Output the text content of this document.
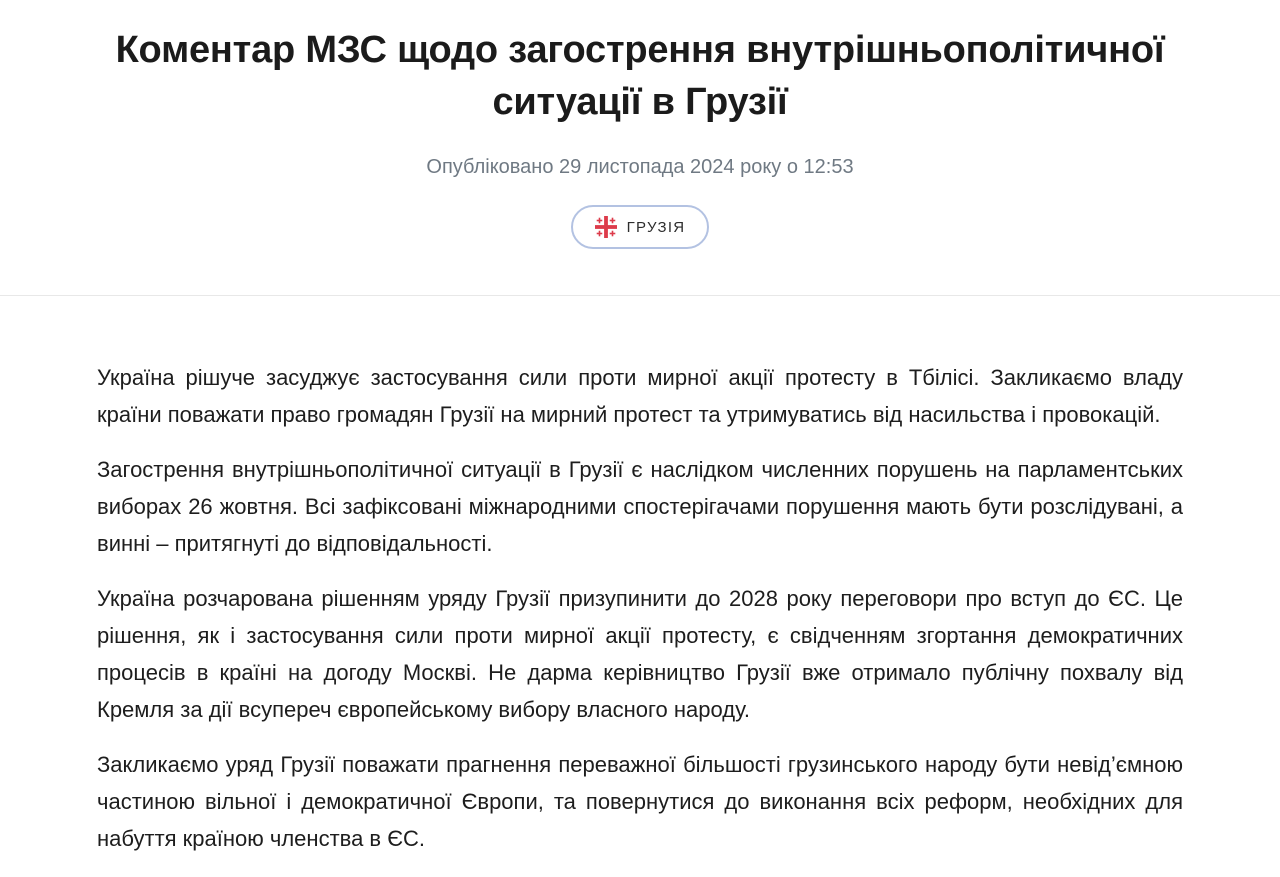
Коментар МЗС щодо загострення внутрішньополітичної ситуації в Грузії
Опубліковано 29 листопада 2024 року о 12:53
ГРУЗІЯ

Україна рішуче засуджує застосування сили проти мирної акції протесту в Тбілісі. Закликаємо владу країни поважати право громадян Грузії на мирний протест та утримуватись від насильства і провокацій.

Загострення внутрішньополітичної ситуації в Грузії є наслідком численних порушень на парламентських виборах 26 жовтня. Всі зафіксовані міжнародними спостерігачами порушення мають бути розслідувані, а винні – притягнуті до відповідальності.

Україна розчарована рішенням уряду Грузії призупинити до 2028 року переговори про вступ до ЄС. Це рішення, як і застосування сили проти мирної акції протесту, є свідченням згортання демократичних процесів в країні на догоду Москві. Не дарма керівництво Грузії вже отримало публічну похвалу від Кремля за дії всупереч європейському вибору власного народу.

Закликаємо уряд Грузії поважати прагнення переважної більшості грузинського народу бути невід’ємною частиною вільної і демократичної Європи, та повернутися до виконання всіх реформ, необхідних для набуття країною членства в ЄС.
